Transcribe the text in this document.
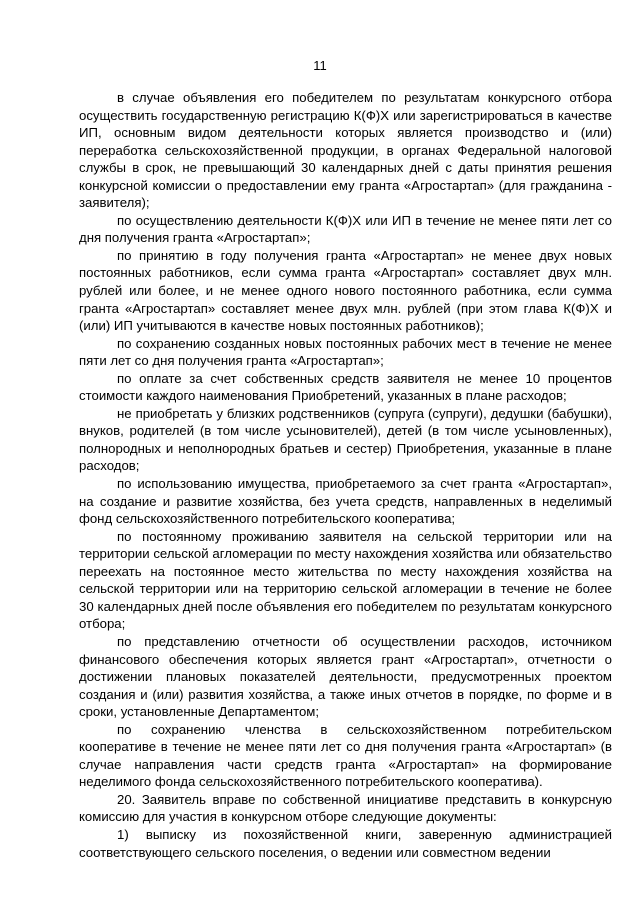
11

в случае объявления его победителем по результатам конкурсного отбора осуществить государственную регистрацию К(Ф)Х или зарегистрироваться в качестве ИП, основным видом деятельности которых является производство и (или) переработка сельскохозяйственной продукции, в органах Федеральной налоговой службы в срок, не превышающий 30 календарных дней с даты принятия решения конкурсной комиссии о предоставлении ему гранта «Агростартап» (для гражданина - заявителя);

по осуществлению деятельности К(Ф)Х или ИП в течение не менее пяти лет со дня получения гранта «Агростартап»;

по принятию в году получения гранта «Агростартап» не менее двух новых постоянных работников, если сумма гранта «Агростартап» составляет двух млн. рублей или более, и не менее одного нового постоянного работника, если сумма гранта «Агростартап» составляет менее двух млн. рублей (при этом глава К(Ф)Х и (или) ИП учитываются в качестве новых постоянных работников);

по сохранению созданных новых постоянных рабочих мест в течение не менее пяти лет со дня получения гранта «Агростартап»;

по оплате за счет собственных средств заявителя не менее 10 процентов стоимости каждого наименования Приобретений, указанных в плане расходов;

не приобретать у близких родственников (супруга (супруги), дедушки (бабушки), внуков, родителей (в том числе усыновителей), детей (в том числе усыновленных), полнородных и неполнородных братьев и сестер) Приобретения, указанные в плане расходов;

по использованию имущества, приобретаемого за счет гранта «Агростартап», на создание и развитие хозяйства, без учета средств, направленных в неделимый фонд сельскохозяйственного потребительского кооператива;

по постоянному проживанию заявителя на сельской территории или на территории сельской агломерации по месту нахождения хозяйства или обязательство переехать на постоянное место жительства по месту нахождения хозяйства на сельской территории или на территорию сельской агломерации в течение не более 30 календарных дней после объявления его победителем по результатам конкурсного отбора;

по представлению отчетности об осуществлении расходов, источником финансового обеспечения которых является грант «Агростартап», отчетности о достижении плановых показателей деятельности, предусмотренных проектом создания и (или) развития хозяйства, а также иных отчетов в порядке, по форме и в сроки, установленные Департаментом;

по сохранению членства в сельскохозяйственном потребительском кооперативе в течение не менее пяти лет со дня получения гранта «Агростартап» (в случае направления части средств гранта «Агростартап» на формирование неделимого фонда сельскохозяйственного потребительского кооператива).

20. Заявитель вправе по собственной инициативе представить в конкурсную комиссию для участия в конкурсном отборе следующие документы:

1) выписку из похозяйственной книги, заверенную администрацией соответствующего сельского поселения, о ведении или совместном ведении
